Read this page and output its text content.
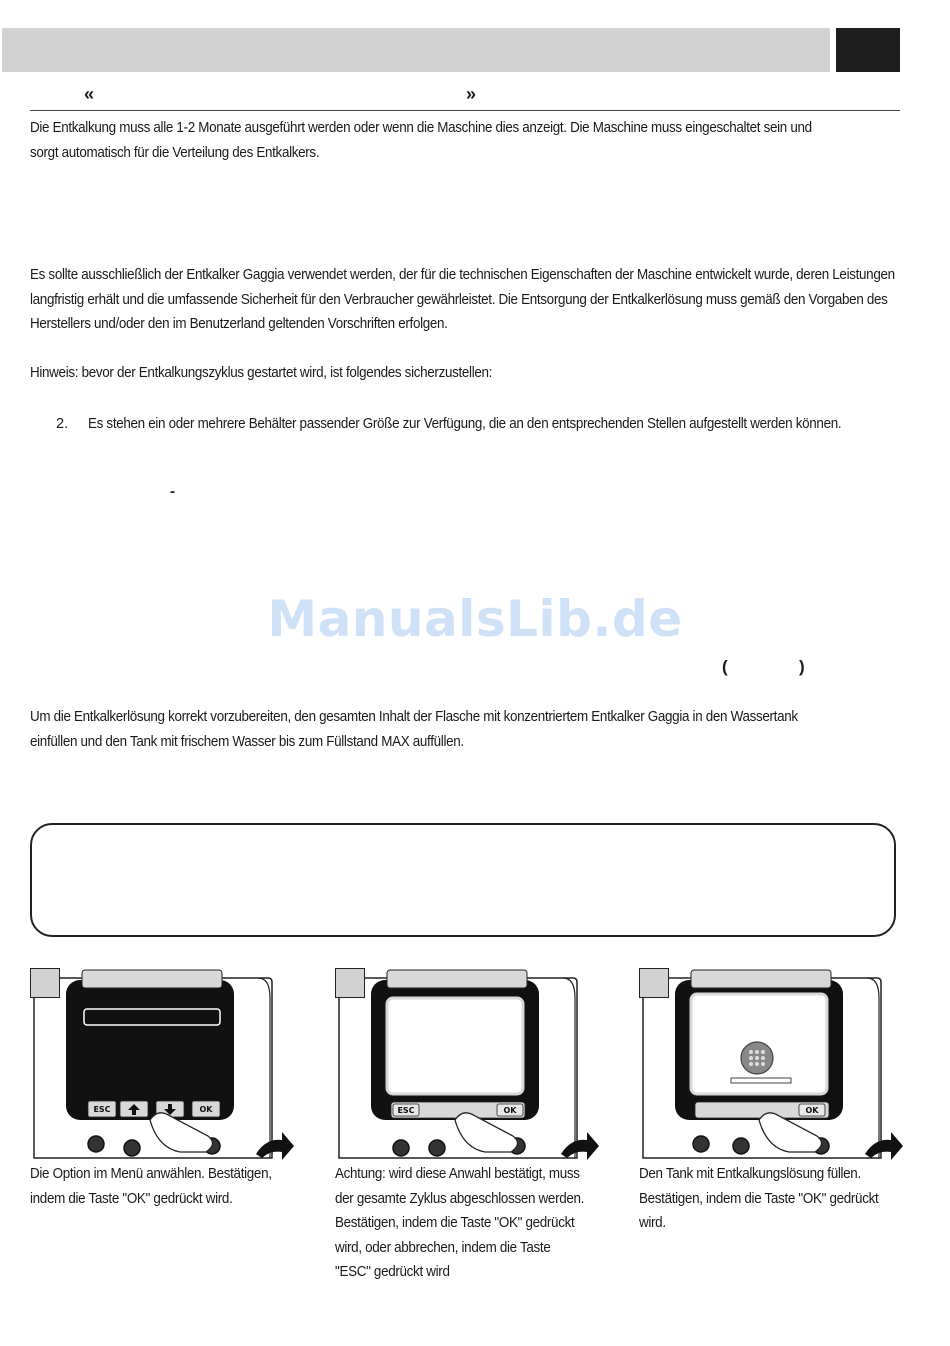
«	»
Die Entkalkung muss alle 1-2 Monate ausgeführt werden oder wenn die Maschine dies anzeigt. Die Maschine muss eingeschaltet sein und sorgt automatisch für die Verteilung des Entkalkers.
Es sollte ausschließlich der Entkalker Gaggia verwendet werden, der für die technischen Eigenschaften der Maschine entwickelt wurde, deren Leistungen langfristig erhält und die umfassende Sicherheit für den Verbraucher gewährleistet. Die Entsorgung der Entkalkerlösung muss gemäß den Vorgaben des Herstellers und/oder den im Benutzerland geltenden Vorschriften erfolgen.
Hinweis: bevor der Entkalkungszyklus gestartet wird, ist folgendes sicherzustellen:
2. Es stehen ein oder mehrere Behälter passender Größe zur Verfügung, die an den entsprechenden Stellen aufgestellt werden können.
-
ManualsLib.de
(	)
Um die Entkalkerlösung korrekt vorzubereiten, den gesamten Inhalt der Flasche mit konzentriertem Entkalker Gaggia in den Wassertank einfüllen und den Tank mit frischem Wasser bis zum Füllstand MAX auffüllen.
ESC	OK
Die Option im Menü anwählen. Bestätigen, indem die Taste "OK" gedrückt wird.
ESC	OK
Achtung: wird diese Anwahl bestätigt, muss der gesamte Zyklus abgeschlossen werden. Bestätigen, indem die Taste "OK" gedrückt wird, oder abbrechen, indem die Taste "ESC" gedrückt wird
OK
Den Tank mit Entkalkungslösung füllen. Bestätigen, indem die Taste "OK" gedrückt wird.
